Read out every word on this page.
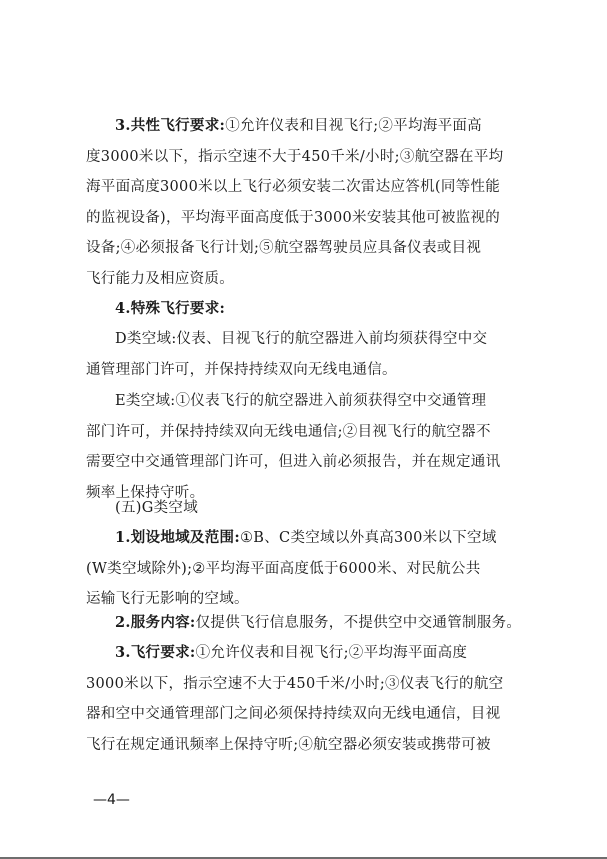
3.共性飞行要求:①允许仪表和目视飞行;②平均海平面高
度3000米以下，指示空速不大于450千米/小时;③航空器在平均
海平面高度3000米以上飞行必须安装二次雷达应答机(同等性能
的监视设备)，平均海平面高度低于3000米安装其他可被监视的
设备;④必须报备飞行计划;⑤航空器驾驶员应具备仪表或目视
飞行能力及相应资质。
4.特殊飞行要求:
D类空域:仪表、目视飞行的航空器进入前均须获得空中交
通管理部门许可，并保持持续双向无线电通信。
E类空域:①仪表飞行的航空器进入前须获得空中交通管理
部门许可，并保持持续双向无线电通信;②目视飞行的航空器不
需要空中交通管理部门许可，但进入前必须报告，并在规定通讯
频率上保持守听。
(五)G类空域
1.划设地域及范围:①B、C类空域以外真高300米以下空域
(W类空域除外);②平均海平面高度低于6000米、对民航公共
运输飞行无影响的空域。
2.服务内容:仅提供飞行信息服务，不提供空中交通管制服务。
3.飞行要求:①允许仪表和目视飞行;②平均海平面高度
3000米以下，指示空速不大于450千米/小时;③仪表飞行的航空
器和空中交通管理部门之间必须保持持续双向无线电通信，目视
飞行在规定通讯频率上保持守听;④航空器必须安装或携带可被
—4—
